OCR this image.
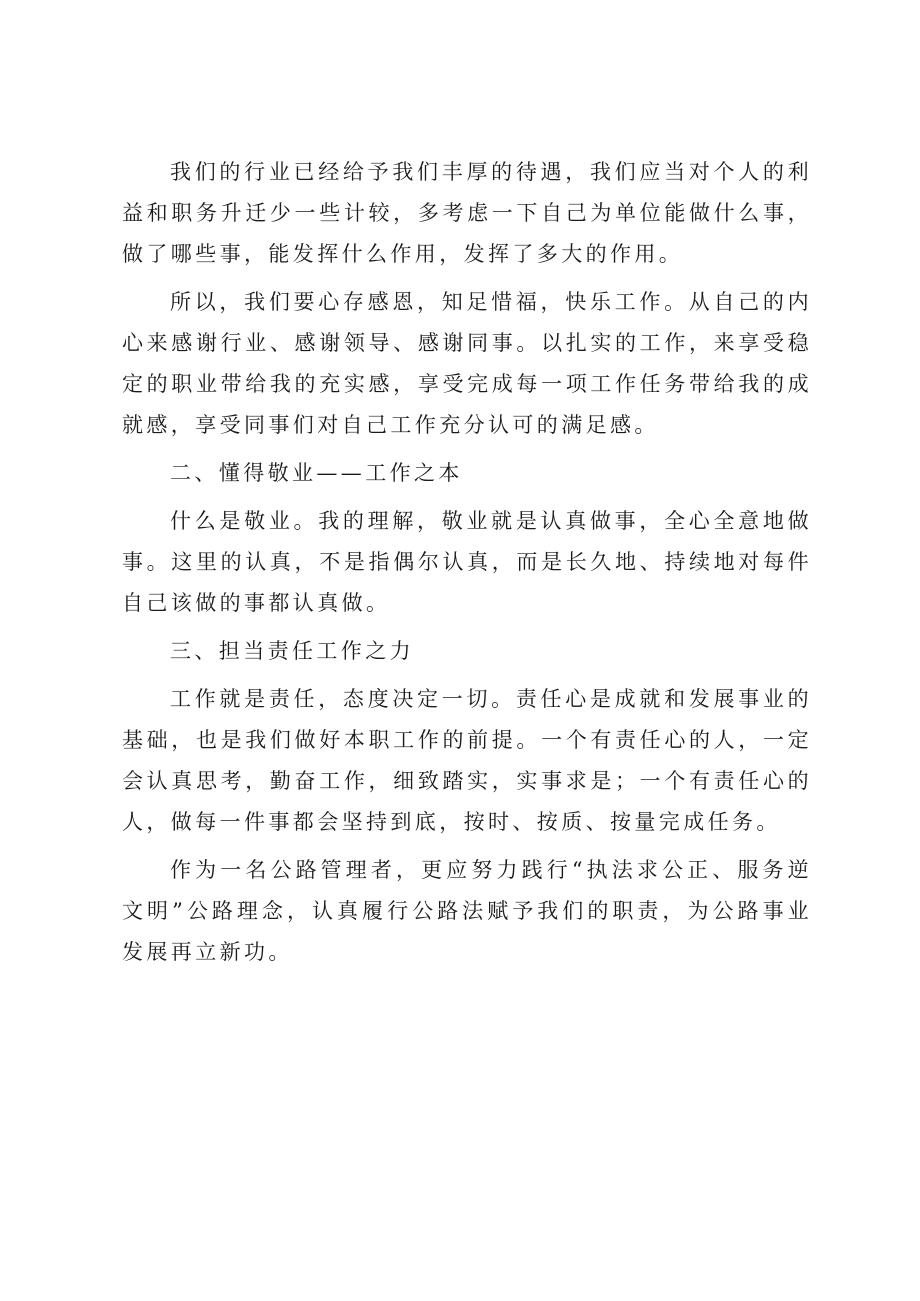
我们的行业已经给予我们丰厚的待遇，我们应当对个人的利益和职务升迁少一些计较，多考虑一下自己为单位能做什么事，做了哪些事，能发挥什么作用，发挥了多大的作用。

所以，我们要心存感恩，知足惜福，快乐工作。从自己的内心来感谢行业、感谢领导、感谢同事。以扎实的工作，来享受稳定的职业带给我的充实感，享受完成每一项工作任务带给我的成就感，享受同事们对自己工作充分认可的满足感。

二、懂得敬业——工作之本

什么是敬业。我的理解，敬业就是认真做事，全心全意地做事。这里的认真，不是指偶尔认真，而是长久地、持续地对每件自己该做的事都认真做。

三、担当责任工作之力

工作就是责任，态度决定一切。责任心是成就和发展事业的基础，也是我们做好本职工作的前提。一个有责任心的人，一定会认真思考，勤奋工作，细致踏实，实事求是；一个有责任心的人，做每一件事都会坚持到底，按时、按质、按量完成任务。

作为一名公路管理者，更应努力践行“执法求公正、服务逆文明”公路理念，认真履行公路法赋予我们的职责，为公路事业发展再立新功。
